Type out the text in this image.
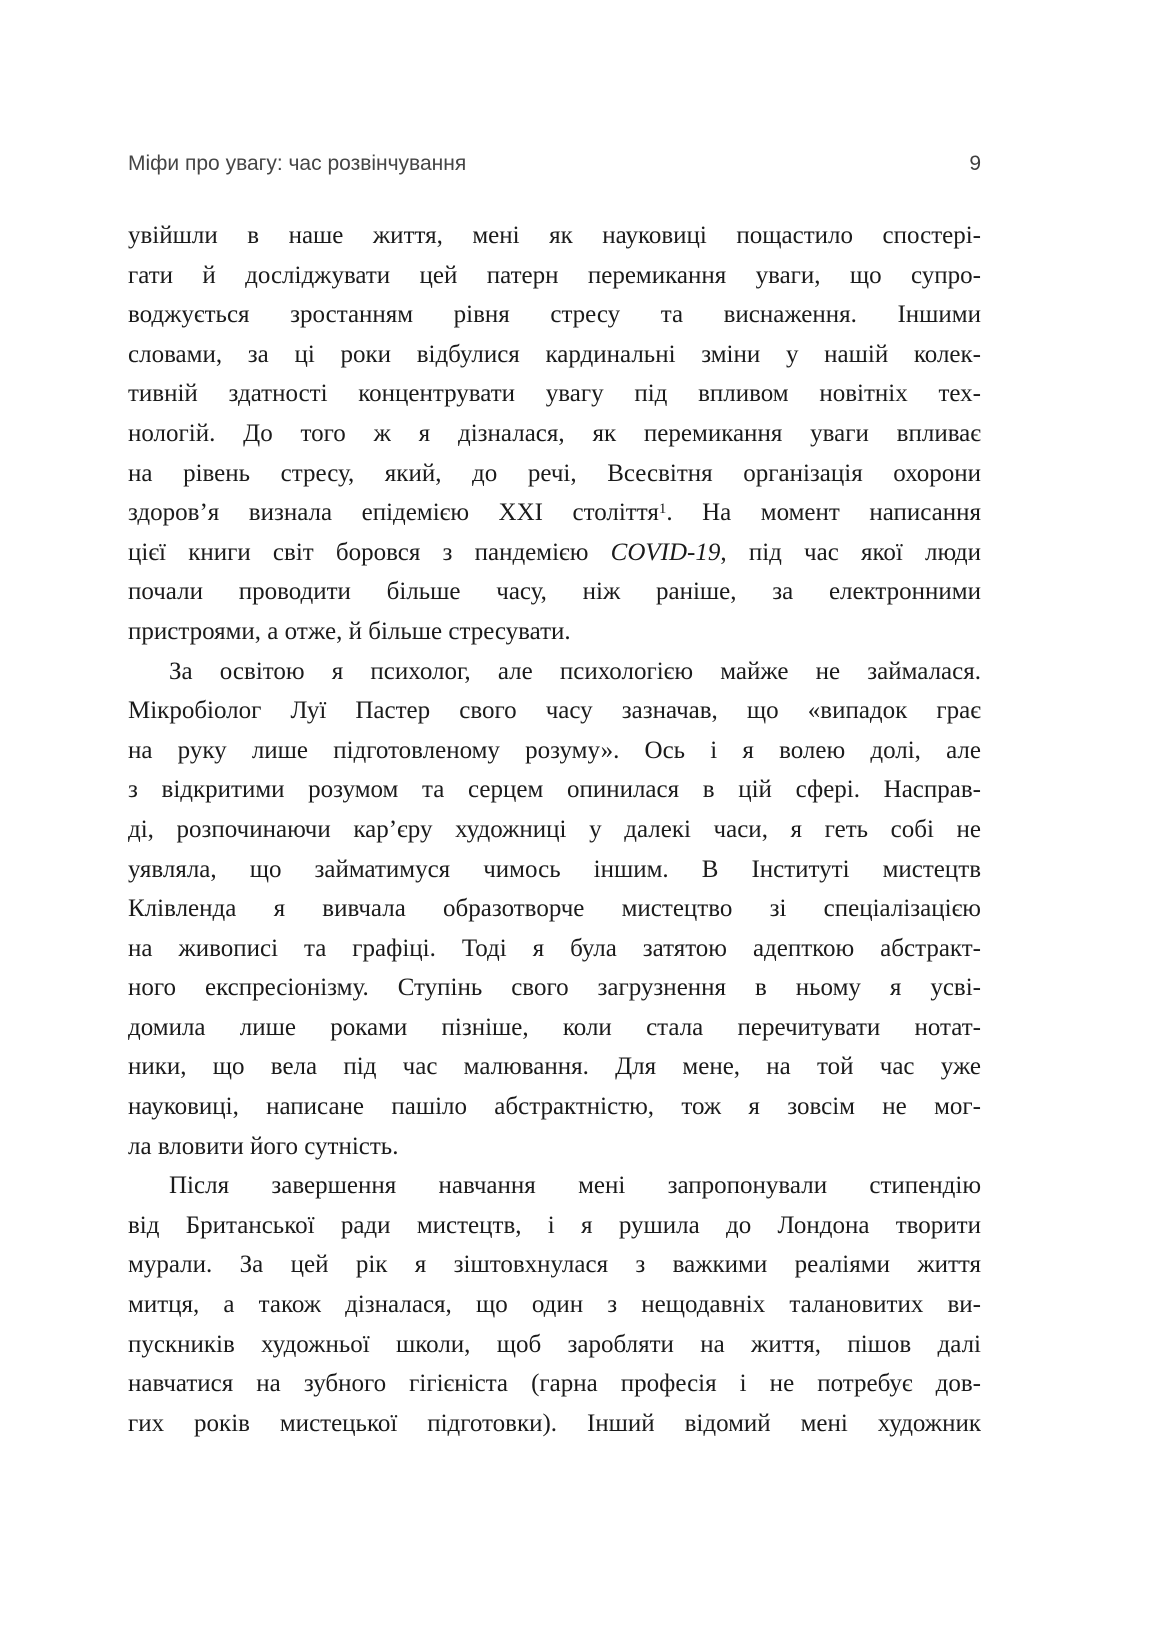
Міфи про увагу: час розвінчування	9
увійшли в наше життя, мені як науковиці пощастило спостері-
гати й досліджувати цей патерн перемикання уваги, що супро-
воджується зростанням рівня стресу та виснаження. Іншими
словами, за ці роки відбулися кардинальні зміни у нашій колек-
тивній здатності концентрувати увагу під впливом новітніх тех-
нологій. До того ж я дізналася, як перемикання уваги впливає
на рівень стресу, який, до речі, Всесвітня організація охорони
здоров’я визнала епідемією XXI століття$^1$. На момент написання
цієї книги світ боровся з пандемією COVID-19, під час якої люди
почали проводити більше часу, ніж раніше, за електронними
пристроями, а отже, й більше стресувати.
За освітою я психолог, але психологією майже не займалася.
Мікробіолог Луї Пастер свого часу зазначав, що «випадок грає
на руку лише підготовленому розуму». Ось і я волею долі, але
з відкритими розумом та серцем опинилася в цій сфері. Насправ-
ді, розпочинаючи кар’єру художниці у далекі часи, я геть собі не
уявляла, що займатимуся чимось іншим. В Інституті мистецтв
Клівленда я вивчала образотворче мистецтво зі спеціалізацією
на живописі та графіці. Тоді я була затятою адепткою абстракт-
ного експресіонізму. Ступінь свого загрузнення в ньому я усві-
домила лише роками пізніше, коли стала перечитувати нотат-
ники, що вела під час малювання. Для мене, на той час уже
науковиці, написане пашіло абстрактністю, тож я зовсім не мог-
ла вловити його сутність.
Після завершення навчання мені запропонували стипендію
від Британської ради мистецтв, і я рушила до Лондона творити
мурали. За цей рік я зіштовхнулася з важкими реаліями життя
митця, а також дізналася, що один з нещодавніх талановитих ви-
пускників художньої школи, щоб заробляти на життя, пішов далі
навчатися на зубного гігієніста (гарна професія і не потребує дов-
гих років мистецької підготовки). Інший відомий мені художник
